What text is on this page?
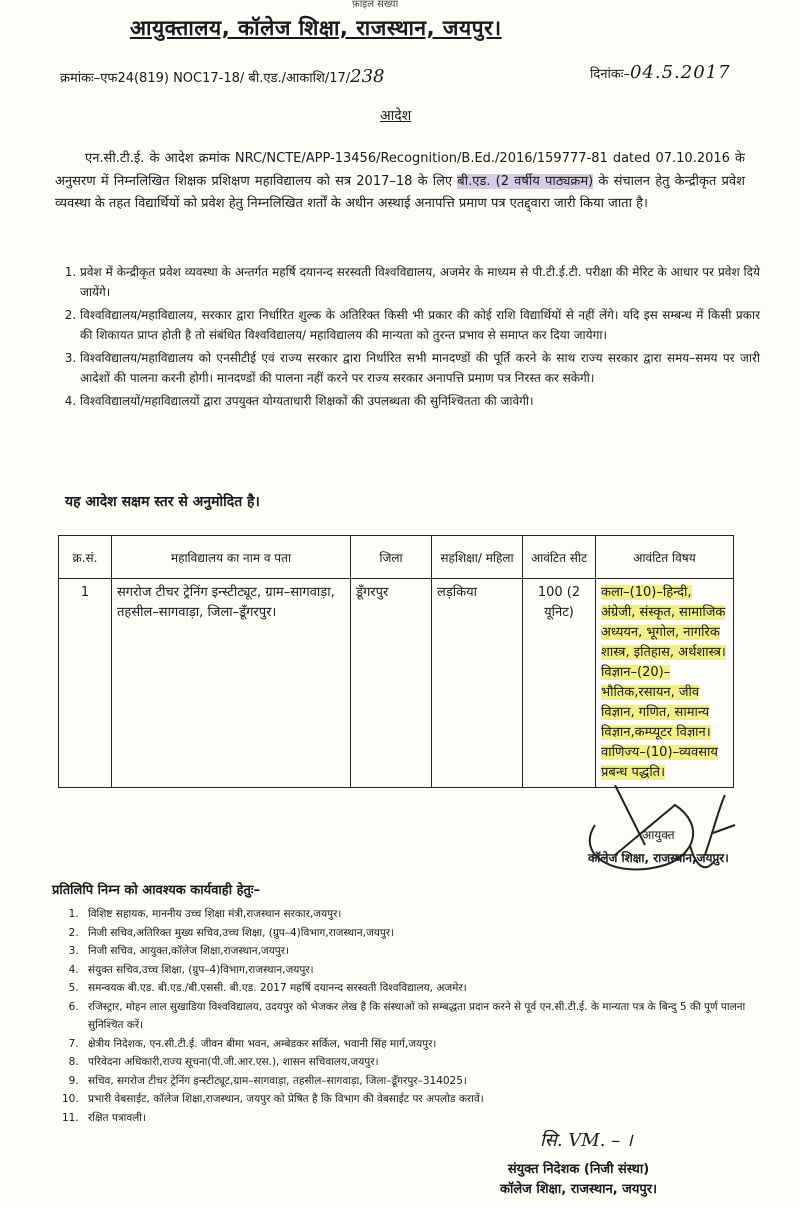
फ़ाइल संख्या
आयुक्तालय, कॉलेज शिक्षा, राजस्थान, जयपुर।
क्रमांकः–एफ24(819) NOC17-18/ बी.एड./आकाशि/17/238	दिनांकः–04.5.2017
आदेश
एन.सी.टी.ई. के आदेश क्रमांक NRC/NCTE/APP-13456/Recognition/B.Ed./2016/159777-81 dated 07.10.2016 के अनुसरण में निम्नलिखित शिक्षक प्रशिक्षण महाविद्यालय को सत्र 2017–18 के लिए बी.एड. (2 वर्षीय पाठ्यक्रम) के संचालन हेतु केन्द्रीकृत प्रवेश व्यवस्था के तहत विद्यार्थियों को प्रवेश हेतु निम्नलिखित शर्तों के अधीन अस्थाई अनापत्ति प्रमाण पत्र एतद्द्वारा जारी किया जाता है।
1. प्रवेश में केन्द्रीकृत प्रवेश व्यवस्था के अन्तर्गत महर्षि दयानन्द सरस्वती विश्वविद्यालय, अजमेर के माध्यम से पी.टी.ई.टी. परीक्षा की मेरिट के आधार पर प्रवेश दिये जायेंगे।
2. विश्वविद्यालय/महाविद्यालय, सरकार द्वारा निर्धारित शुल्क के अतिरिक्त किसी भी प्रकार की कोई राशि विद्यार्थियों से नहीं लेंगे। यदि इस सम्बन्ध में किसी प्रकार की शिकायत प्राप्त होती है तो संबंधित विश्वविद्यालय/ महाविद्यालय की मान्यता को तुरन्त प्रभाव से समाप्त कर दिया जायेगा।
3. विश्वविद्यालय/महाविद्यालय को एनसीटीई एवं राज्य सरकार द्वारा निर्धारित सभी मानदण्डों की पूर्ति करने के साथ राज्य सरकार द्वारा समय–समय पर जारी आदेशों की पालना करनी होगी। मानदण्डों की पालना नहीं करने पर राज्य सरकार अनापत्ति प्रमाण पत्र निरस्त कर सकेगी।
4. विश्वविद्यालयों/महाविद्यालयों द्वारा उपयुक्त योग्यताधारी शिक्षकों की उपलब्धता की सुनिश्चितता की जावेगी।
यह आदेश सक्षम स्तर से अनुमोदित है।
क्र.सं.	महाविद्यालय का नाम व पता	जिला	सहशिक्षा/ महिला	आवंटित सीट	आवंटित विषय
1	सगरोज टीचर ट्रेनिंग इन्स्टीट्यूट, ग्राम–सागवाड़ा, तहसील–सागवाड़ा, जिला–डूँगरपुर।	डूँगरपुर	लड़किया	100 (2 यूनिट)	कला–(10)–हिन्दी, अंग्रेजी, संस्कृत, सामाजिक अध्ययन, भूगोल, नागरिक शास्त्र, इतिहास, अर्थशास्त्र।
विज्ञान–(20)–भौतिक,रसायन, जीव विज्ञान, गणित, सामान्य विज्ञान,कम्प्यूटर विज्ञान।
वाणिज्य–(10)–व्यवसाय प्रबन्ध पद्धति।
आयुक्त
कॉलेज शिक्षा, राजस्थान,जयपुर।
प्रतिलिपि निम्न को आवश्यक कार्यवाही हेतुः–
1. विशिष्ट सहायक, माननीय उच्च शिक्षा मंत्री,राजस्थान सरकार,जयपुर।
2. निजी सचिव,अतिरिक्त मुख्य सचिव,उच्च शिक्षा, (ग्रुप–4)विभाग,राजस्थान,जयपुर।
3. निजी सचिव, आयुक्त,कॉलेज शिक्षा,राजस्थान,जयपुर।
4. संयुक्त सचिव,उच्च शिक्षा, (ग्रुप–4)विभाग,राजस्थान,जयपुर।
5. समन्वयक बी.एड. बी.एड./बी.एससी. बी.एड. 2017 महर्षि दयानन्द सरस्वती विश्वविद्यालय, अजमेर।
6. रजिस्ट्रार, मोहन लाल सुखाडिया विश्वविद्यालय, उदयपुर को भेजकर लेख है कि संस्थाओं को सम्बद्धता प्रदान करने से पूर्व एन.सी.टी.ई. के मान्यता पत्र के बिन्दु 5 की पूर्ण पालना सुनिश्चित करें।
7. क्षेत्रीय निदेशक, एन.सी.टी.ई. जीवन बीमा भवन, अम्बेडकर सर्किल, भवानी सिंह मार्ग,जयपुर।
8. परिवेदना अधिकारी,राज्य सूचना(पी.जी.आर.एस.), शासन सचिवालय,जयपुर।
9. सचिव, सगरोज टीचर ट्रेनिंग इन्स्टीट्यूट,ग्राम–सागवाड़ा, तहसील–सागवाड़ा, जिला–डूँगरपुर–314025।
10. प्रभारी वेबसाईट, कॉलेज शिक्षा,राजस्थान, जयपुर को प्रेषित है कि विभाग की वेबसाईट पर अपलोड करावें।
11. रक्षित पत्रावली।
सि. VM. – ।
संयुक्त निदेशक (निजी संस्था)
कॉलेज शिक्षा, राजस्थान, जयपुर।
